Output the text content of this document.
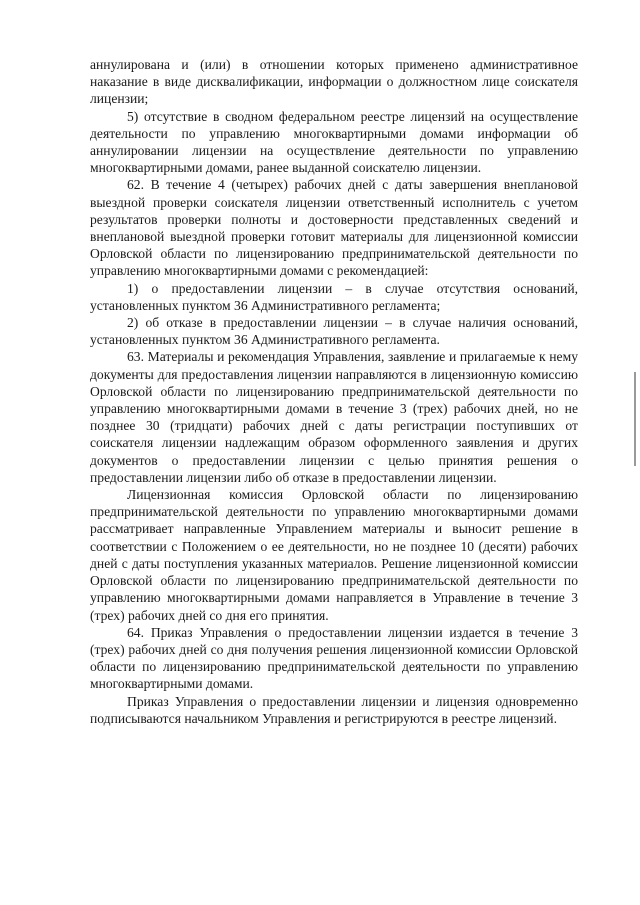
аннулирована и (или) в отношении которых применено административное наказание в виде дисквалификации, информации о должностном лице соискателя лицензии;

5) отсутствие в сводном федеральном реестре лицензий на осуществление деятельности по управлению многоквартирными домами информации об аннулировании лицензии на осуществление деятельности по управлению многоквартирными домами, ранее выданной соискателю лицензии.

62. В течение 4 (четырех) рабочих дней с даты завершения внеплановой выездной проверки соискателя лицензии ответственный исполнитель с учетом результатов проверки полноты и достоверности представленных сведений и внеплановой выездной проверки готовит материалы для лицензионной комиссии Орловской области по лицензированию предпринимательской деятельности по управлению многоквартирными домами с рекомендацией:

1) о предоставлении лицензии – в случае отсутствия оснований, установленных пунктом 36 Административного регламента;

2) об отказе в предоставлении лицензии – в случае наличия оснований, установленных пунктом 36 Административного регламента.

63. Материалы и рекомендация Управления, заявление и прилагаемые к нему документы для предоставления лицензии направляются в лицензионную комиссию Орловской области по лицензированию предпринимательской деятельности по управлению многоквартирными домами в течение 3 (трех) рабочих дней, но не позднее 30 (тридцати) рабочих дней с даты регистрации поступивших от соискателя лицензии надлежащим образом оформленного заявления и других документов о предоставлении лицензии с целью принятия решения о предоставлении лицензии либо об отказе в предоставлении лицензии.

Лицензионная комиссия Орловской области по лицензированию предпринимательской деятельности по управлению многоквартирными домами рассматривает направленные Управлением материалы и выносит решение в соответствии с Положением о ее деятельности, но не позднее 10 (десяти) рабочих дней с даты поступления указанных материалов. Решение лицензионной комиссии Орловской области по лицензированию предпринимательской деятельности по управлению многоквартирными домами направляется в Управление в течение 3 (трех) рабочих дней со дня его принятия.

64. Приказ Управления о предоставлении лицензии издается в течение 3 (трех) рабочих дней со дня получения решения лицензионной комиссии Орловской области по лицензированию предпринимательской деятельности по управлению многоквартирными домами.

Приказ Управления о предоставлении лицензии и лицензия одновременно подписываются начальником Управления и регистрируются в реестре лицензий.
